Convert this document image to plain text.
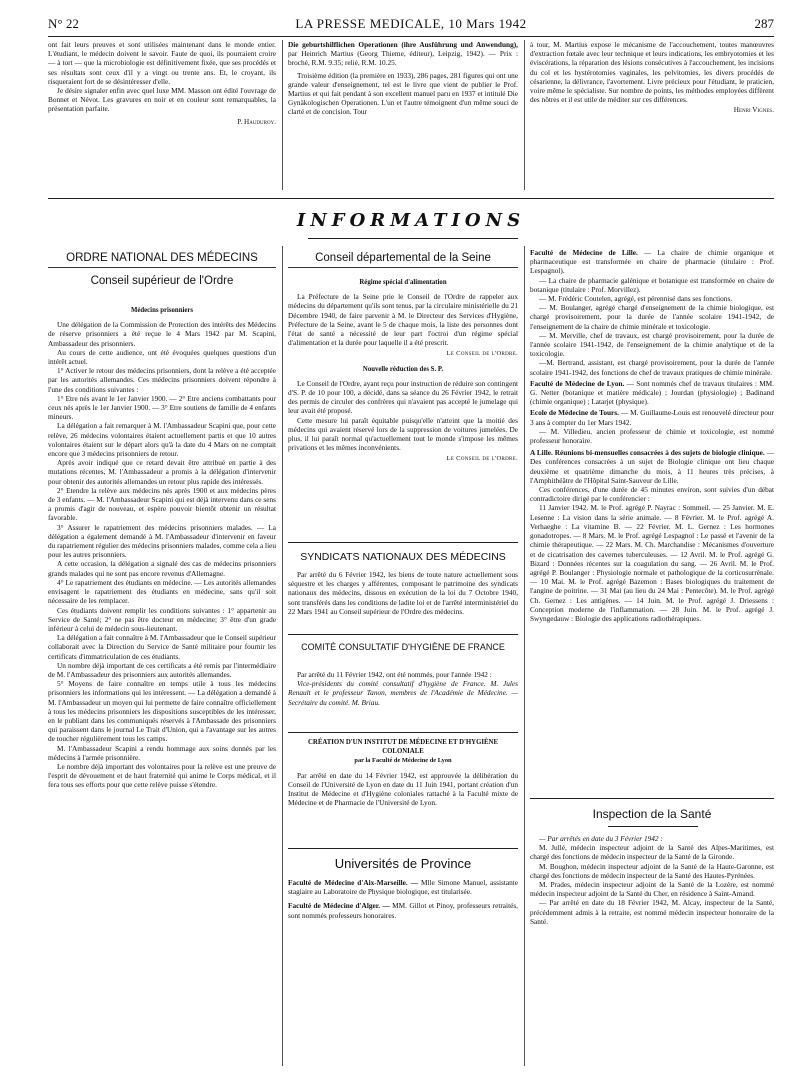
N° 22	LA PRESSE MEDICALE, 10 Mars 1942	287

ont fait leurs preuves et sont utilisées maintenant dans le monde entier. L'étudiant, le médecin doivent le savoir. Faute de quoi, ils pourraient croire — à tort — que la microbiologie est définitivement fixée, que ses procédés et ses résultats sont ceux d'il y a vingt ou trente ans. Et, le croyant, ils risqueraient fort de se désintéresser d'elle.

Je désire signaler enfin avec quel luxe MM. Masson ont édité l'ouvrage de Bonnet et Névot. Les gravures en noir et en couleur sont remarquables, la présentation parfaite.

P. Hauduroy.

Die geburtshilflichen Operationen (ihre Ausführung und Anwendung), par Heinrich Martius (Georg Thieme, éditeur), Leipzig, 1942). — Prix : broché, R.M. 9.35; relié, R.M. 10.25.

Troisième édition (la première en 1933), 286 pages, 281 figures qui ont une grande valeur d'enseignement, tel est le livre que vient de publier le Prof. Martius et qui fait pendant à son excellent manuel paru en 1937 et intitulé Die Gynäkologischen Operationen. L'un et l'autre témoignent d'un même souci de clarté et de concision. Tour

à tour, M. Martius expose le mécanisme de l'accouchement, toutes manœuvres d'extraction fœtale avec leur technique et leurs indications, les embryotomies et les éviscérations, la réparation des lésions consécutives à l'accouchement, les incisions du col et les hystérotomies vaginales, les pelvitomies, les divers procédés de césarienne, la délivrance, l'avortement. Livre précieux pour l'étudiant, le praticien, voire même le spécialiste. Sur nombre de points, les méthodes employées diffèrent des nôtres et il est utile de méditer sur ces différences.

Henri Vignes.
INFORMATIONS
ORDRE NATIONAL DES MÉDECINS
Conseil supérieur de l'Ordre
Médecins prisonniers

Une délégation de la Commission de Protection des intérêts des Médecins de réserve prisonniers a été reçue le 4 Mars 1942 par M. Scapini, Ambassadeur des prisonniers.

Au cours de cette audience, ont été évoquées quelques questions d'un intérêt actuel.

1° Activer le retour des médecins prisonniers, dont la relève a été acceptée par les autorités allemandes. Ces médecins prisonniers doivent répondre à l'une des conditions suivantes :

1° Etre nés avant le 1er Janvier 1900. — 2° Etre anciens combattants pour ceux nés après le 1er Janvier 1900. — 3° Etre soutiens de famille de 4 enfants mineurs.

La délégation a fait remarquer à M. l'Ambassadeur Scapini que, pour cette relève, 26 médecins volontaires étaient actuellement partis et que 10 autres volontaires étaient sur le départ alors qu'à la date du 4 Mars on ne comptait encore que 3 médecins prisonniers de retour.

Après avoir indiqué que ce retard devait être attribué en partie à des mutations récentes, M. l'Ambassadeur a promis à la délégation d'intervenir pour obtenir des autorités allemandes un retour plus rapide des intéressés.

2° Etendre la relève aux médecins nés après 1900 et aux médecins pères de 3 enfants. — M. l'Ambassadeur Scapini qui est déjà intervenu dans ce sens a promis d'agir de nouveau, et espère pouvoir bientôt obtenir un résultat favorable.

3° Assurer le rapatriement des médecins prisonniers malades. — La délégation a également demandé à M. l'Ambassadeur d'intervenir en faveur du rapatriement régulier des médecins prisonniers malades, comme cela a lieu pour les autres prisonniers.

A cette occasion, la délégation a signalé des cas de médecins prisonniers grands malades qui ne sont pas encore revenus d'Allemagne.

4° Le rapatriement des étudiants en médecine. — Les autorités allemandes envisagent le rapatriement des étudiants en médecine, sans qu'il soit nécessaire de les remplacer.

Ces étudiants doivent remplir les conditions suivantes : 1° appartenir au Service de Santé; 2° ne pas être docteur en médecine; 3° être d'un grade inférieur à celui de médecin sous-lieutenant.

La délégation a fait connaître à M. l'Ambassadeur que le Conseil supérieur collaborait avec la Direction du Service de Santé militaire pour fournir les certificats d'immatriculation de ces étudiants.

Un nombre déjà important de ces certificats a été remis par l'intermédiaire de M. l'Ambassadeur des prisonniers aux autorités allemandes.

5° Moyens de faire connaître en temps utile à tous les médecins prisonniers les informations qui les intéressent. — La délégation a demandé à M. l'Ambassadeur un moyen qui lui permette de faire connaître officiellement à tous les médecins prisonniers les dispositions susceptibles de les intéresser, en le publiant dans les communiqués réservés à l'Ambassade des prisonniers qui paraissent dans le journal Le Trait d'Union, qui a l'avantage sur les autres de toucher régulièrement tous les camps.

M. l'Ambassadeur Scapini a rendu hommage aux soins donnés par les médecins à l'armée prisonnière.

Le nombre déjà important des volontaires pour la relève est une preuve de l'esprit de dévouement et de haut fraternité qui anime le Corps médical, et il fera tous ses efforts pour que cette relève puisse s'étendre.

Conseil départemental de la Seine
Régime spécial d'alimentation

La Préfecture de la Seine prie le Conseil de l'Ordre de rappeler aux médecins du département qu'ils sont tenus, par la circulaire ministérielle du 21 Décembre 1940, de faire parvenir à M. le Directeur des Services d'Hygiène, Préfecture de la Seine, avant le 5 de chaque mois, la liste des personnes dont l'état de santé a nécessité de leur part l'octroi d'un régime spécial d'alimentation et la durée pour laquelle il a été prescrit.

Le Conseil de l'Ordre.
Nouvelle réduction des S. P.

Le Conseil de l'Ordre, ayant reçu pour instruction de réduire son contingent d'S. P. de 10 pour 100, a décidé, dans sa séance du 26 Février 1942, le retrait des permis de circuler des confrères qui n'avaient pas accepté le jumelage qui leur avait été proposé.

Cette mesure lui paraît équitable puisqu'elle n'atteint que la moitié des médecins qui avaient réservé lors de la suppression de voitures jumelées. De plus, il lui paraît normal qu'actuellement tout le monde s'impose les mêmes privations et les mêmes inconvénients.

Le Conseil de l'Ordre.
SYNDICATS NATIONAUX DES MÉDECINS

Par arrêté du 6 Février 1942, les biens de toute nature actuellement sous séquestre et les charges y afférentes, composant le patrimoine des syndicats nationaux des médecins, dissous en exécution de la loi du 7 Octobre 1940, sont transférés dans les conditions de ladite loi et de l'arrêté interministériel du 22 Mars 1941 au Conseil supérieur de l'Ordre des médecins.

COMITÉ CONSULTATIF D'HYGIÈNE DE FRANCE

Par arrêté du 11 Février 1942, ont été nommés, pour l'année 1942 :

Vice-présidents du comité consultatif d'hygiène de France. M. Jules Renault et le professeur Tanon, membres de l'Académie de Médecine. — Secrétaire du comité. M. Briau.

CRÉATION D'UN INSTITUT DE MÉDECINE ET D'HYGIÈNE COLONIALE
par la Faculté de Médecine de Lyon

Par arrêté en date du 14 Février 1942, est approuvée la délibération du Conseil de l'Université de Lyon en date du 11 Juin 1941, portant création d'un Institut de Médecine et d'Hygiène coloniales rattaché à la Faculté mixte de Médecine et de Pharmacie de l'Université de Lyon.

Universités de Province

Faculté de Médecine d'Aix-Marseille. — Mlle Simone Manuel, assistante stagiaire au Laboratoire de Physique biologique, est titularisée.

Faculté de Médecine d'Alger. — MM. Gillot et Pinoy, professeurs retraités, sont nommés professeurs honoraires.

Faculté de Médecine de Lille. — La chaire de chimie organique et pharmaceutique est transformée en chaire de pharmacie (titulaire : Prof. Lespagnol).

— La chaire de pharmacie galénique et botanique est transformée en chaire de botanique (titulaire : Prof. Morvillez).

— M. Frédéric Coutelen, agrégé, est pérennisé dans ses fonctions.

— M. Boulanger, agrégé chargé d'enseignement de la chimie biologique, est chargé provisoirement, pour la durée de l'année scolaire 1941-1942, de l'enseignement de la chaire de chimie minérale et toxicologie.

— M. Merville, chef de travaux, est chargé provisoirement, pour la durée de l'année scolaire 1941-1942, de l'enseignement de la chimie analytique et de la toxicologie.

—M. Bertrand, assistant, est chargé provisoirement, pour la durée de l'année scolaire 1941-1942, des fonctions de chef de travaux pratiques de chimie minérale.

Faculté de Médecine de Lyon. — Sont nommés chef de travaux titulaires : MM. G. Netter (botanique et matière médicale) ; Jourdan (physiologie) ; Badinand (chimie organique) ; Latarjet (physique).

Ecole de Médecine de Tours. — M. Guillaume-Louis est renouvelé directeur pour 3 ans à compter du 1er Mars 1942.

— M. Villedieu, ancien professeur de chimie et toxicologie, est nommé professeur honoraire.

A Lille. Réunions bi-mensuelles consacrées à des sujets de biologie clinique. — Des conférences consacrées à un sujet de Biologie clinique ont lieu chaque deuxième et quatrième dimanche du mois, à 11 heures très précises, à l'Amphithéâtre de l'Hôpital Saint-Sauveur de Lille.

Ces conférences, d'une durée de 45 minutes environ, sont suivies d'un débat contradictoire dirigé par le conférencier :

11 Janvier 1942. M. le Prof. agrégé P. Nayrac : Sommeil. — 25 Janvier. M. E. Lesenne : La vision dans la série animale. — 8 Février. M. le Prof. agrégé A. Verhaeghe : La vitamine B. — 22 Février. M. L. Gernez : Les hormones gonadotropes. — 8 Mars. M. le Prof. agrégé Lespagnol : Le passé et l'avenir de la chimie thérapeutique. — 22 Mars. M. Ch. Marchandise : Mécanismes d'ouverture et de cicatrisation des cavernes tuberculeuses. — 12 Avril. M. le Prof. agrégé G. Bizard : Données récentes sur la coagulation du sang. — 26 Avril. M. le Prof. agrégé P. Boulanger : Physiologie normale et pathologique de la corticosurrénale. — 10 Mai. M. le Prof. agrégé Bazemon : Bases biologiques du traitement de l'angine de poitrine. — 31 Mai (au lieu du 24 Mai : Pentecôte). M. le Prof. agrégé Ch. Gernez : Les antigènes. — 14 Juin. M. le Prof. agrégé J. Driessens : Conception moderne de l'inflammation. — 28 Juin. M. le Prof. agrégé J. Swyngedauw : Biologie des applications radiothérapiques.

Inspection de la Santé

— Par arrêtés en date du 3 Février 1942 :

M. Jullé, médecin inspecteur adjoint de la Santé des Alpes-Maritimes, est chargé des fonctions de médecin inspecteur de la Santé de la Gironde.

M. Boughon, médecin inspecteur adjoint de la Santé de la Haute-Garonne, est chargé des fonctions de médecin inspecteur de la Santé des Hautes-Pyrénées.

M. Prades, médecin inspecteur adjoint de la Santé de la Lozère, est nommé médecin inspecteur adjoint de la Santé du Cher, en résidence à Saint-Amand.

— Par arrêté en date du 18 Février 1942, M. Alcay, inspecteur de la Santé, précédemment admis à la retraite, est nommé médecin inspecteur honoraire de la Santé.
